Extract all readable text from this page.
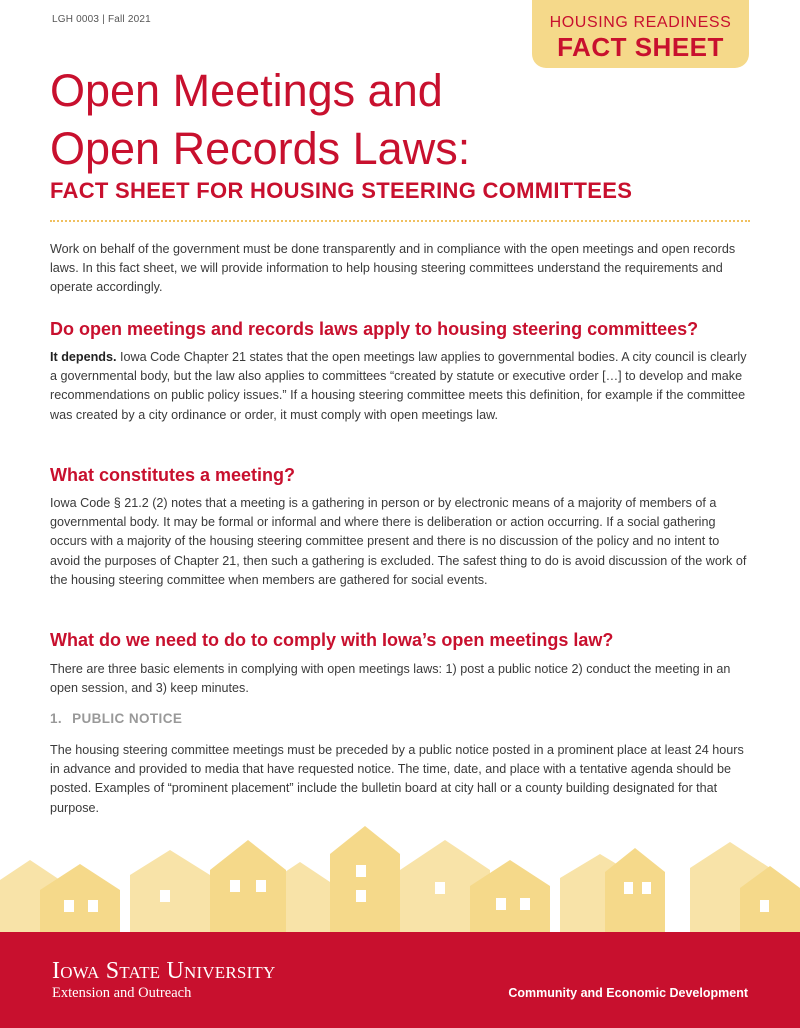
LGH 0003 | Fall 2021	HOUSING READINESS
FACT SHEET
Open Meetings and
Open Records Laws:
FACT SHEET FOR HOUSING STEERING COMMITTEES

Work on behalf of the government must be done transparently and in compliance with the open meetings and open records laws. In this fact sheet, we will provide information to help housing steering committees understand the requirements and operate accordingly.

Do open meetings and records laws apply to housing steering committees?

It depends. Iowa Code Chapter 21 states that the open meetings law applies to governmental bodies. A city council is clearly a governmental body, but the law also applies to committees “created by statute or executive order […] to develop and make recommendations on public policy issues.” If a housing steering committee meets this definition, for example if the committee was created by a city ordinance or order, it must comply with open meetings law.

What constitutes a meeting?

Iowa Code § 21.2 (2) notes that a meeting is a gathering in person or by electronic means of a majority of members of a governmental body. It may be formal or informal and where there is deliberation or action occurring. If a social gathering occurs with a majority of the housing steering committee present and there is no discussion of the policy and no intent to avoid the purposes of Chapter 21, then such a gathering is excluded. The safest thing to do is avoid discussion of the work of the housing steering committee when members are gathered for social events.

What do we need to do to comply with Iowa’s open meetings law?

There are three basic elements in complying with open meetings laws: 1) post a public notice 2) conduct the meeting in an open session, and 3) keep minutes.

1. PUBLIC NOTICE

The housing steering committee meetings must be preceded by a public notice posted in a prominent place at least 24 hours in advance and provided to media that have requested notice. The time, date, and place with a tentative agenda should be posted. Examples of “prominent placement” include the bulletin board at city hall or a county building designated for that purpose.

Iowa State University
Extension and Outreach	Community and Economic Development
